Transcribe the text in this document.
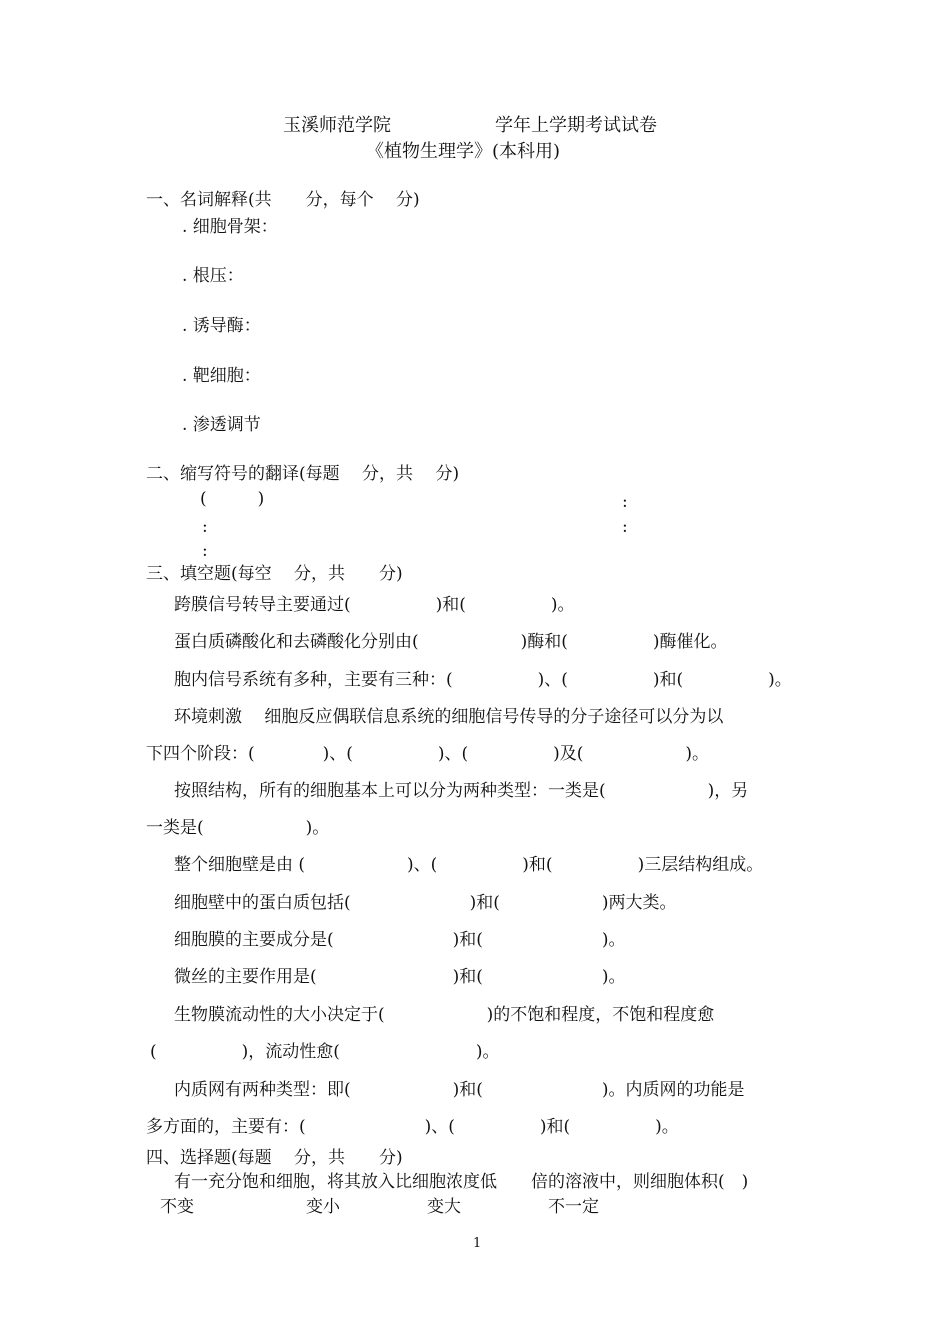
玉溪师范学院	学年上学期考试试卷
《植物生理学》(本科用)
一、名词解释(共　　分，每个　 分)
. 细胞骨架：
. 根压：
. 诱导酶：
. 靶细胞：
. 渗透调节
二、缩写符号的翻译(每题　 分，共　 分)
(　　　)	:
:	:
:
三、填空题(每空　 分，共　　分)
跨膜信号转导主要通过(　　　　　)和(　　　　　)。
蛋白质磷酸化和去磷酸化分别由(　　　　　　)酶和(　　　　　)酶催化。
胞内信号系统有多种，主要有三种：(　　　　　)、(　　　　　)和(　　　　　)。
环境刺激　 细胞反应偶联信息系统的细胞信号传导的分子途径可以分为以
下四个阶段：(　　　　)、(　　　　　)、(　　　　　)及(　　　　　　)。
按照结构，所有的细胞基本上可以分为两种类型：一类是(　　　　　　)，另
一类是(　　　　　　)。
整个细胞壁是由 (　　　　　　)、(　　　　　)和(　　　　　)三层结构组成。
细胞壁中的蛋白质包括(　　　　　　　)和(　　　　　　)两大类。
细胞膜的主要成分是(　　　　　　　)和(　　　　　　　)。
微丝的主要作用是(　　　　　　　　)和(　　　　　　　)。
生物膜流动性的大小决定于(　　　　　　)的不饱和程度，不饱和程度愈
(　　　　　)，流动性愈(　　　　　　　　)。
内质网有两种类型：即(　　　　　　)和(　　　　　　　)。内质网的功能是
多方面的，主要有：(　　　　　　　)、(　　　　　)和(　　　　　)。
四、选择题(每题　 分，共　　分)
有一充分饱和细胞，将其放入比细胞浓度低　　倍的溶液中，则细胞体积(　)
不变	变小	变大	不一定
1
